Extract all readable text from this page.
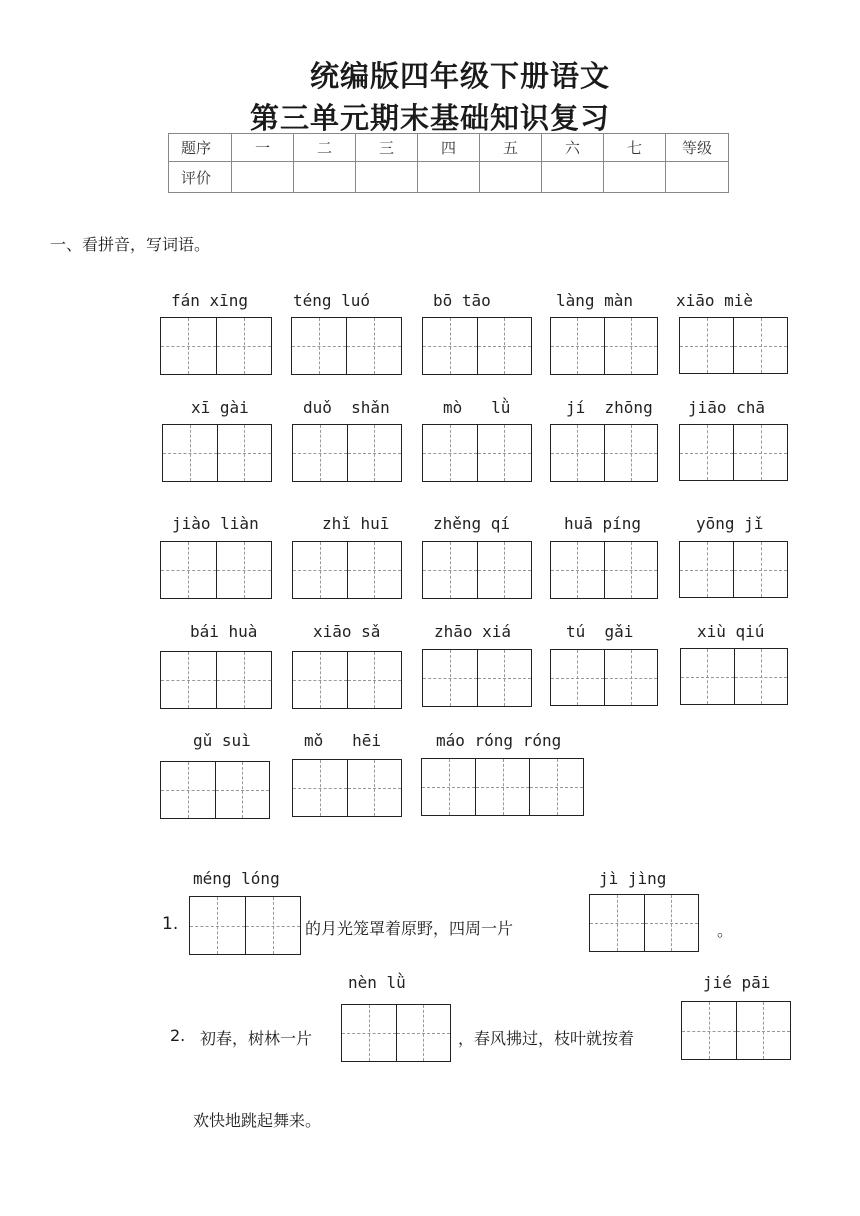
统编版四年级下册语文
第三单元期末基础知识复习
题序	一	二	三	四	五	六	七	等级
评价								
一、看拼音，写词语。
fán xīng	téng luó	bō tāo	làng màn	xiāo miè
xī gài	duǒ  shǎn	mò   lǜ	jí  zhōng jiāo chā
jiào liàn	zhǐ huī	zhěng qí	huā píng	yōng jǐ
bái huà	xiāo sǎ	zhāo xiá	tú  gǎi	xiù qiú
gǔ suì	mǒ   hēi	máo róng róng
méng lóng
1.	的月光笼罩着原野，四周一片
jì jìng
。
nèn lǜ
2. 初春，树林一片	，春风拂过，枝叶就按着
jié pāi
欢快地跳起舞来。
